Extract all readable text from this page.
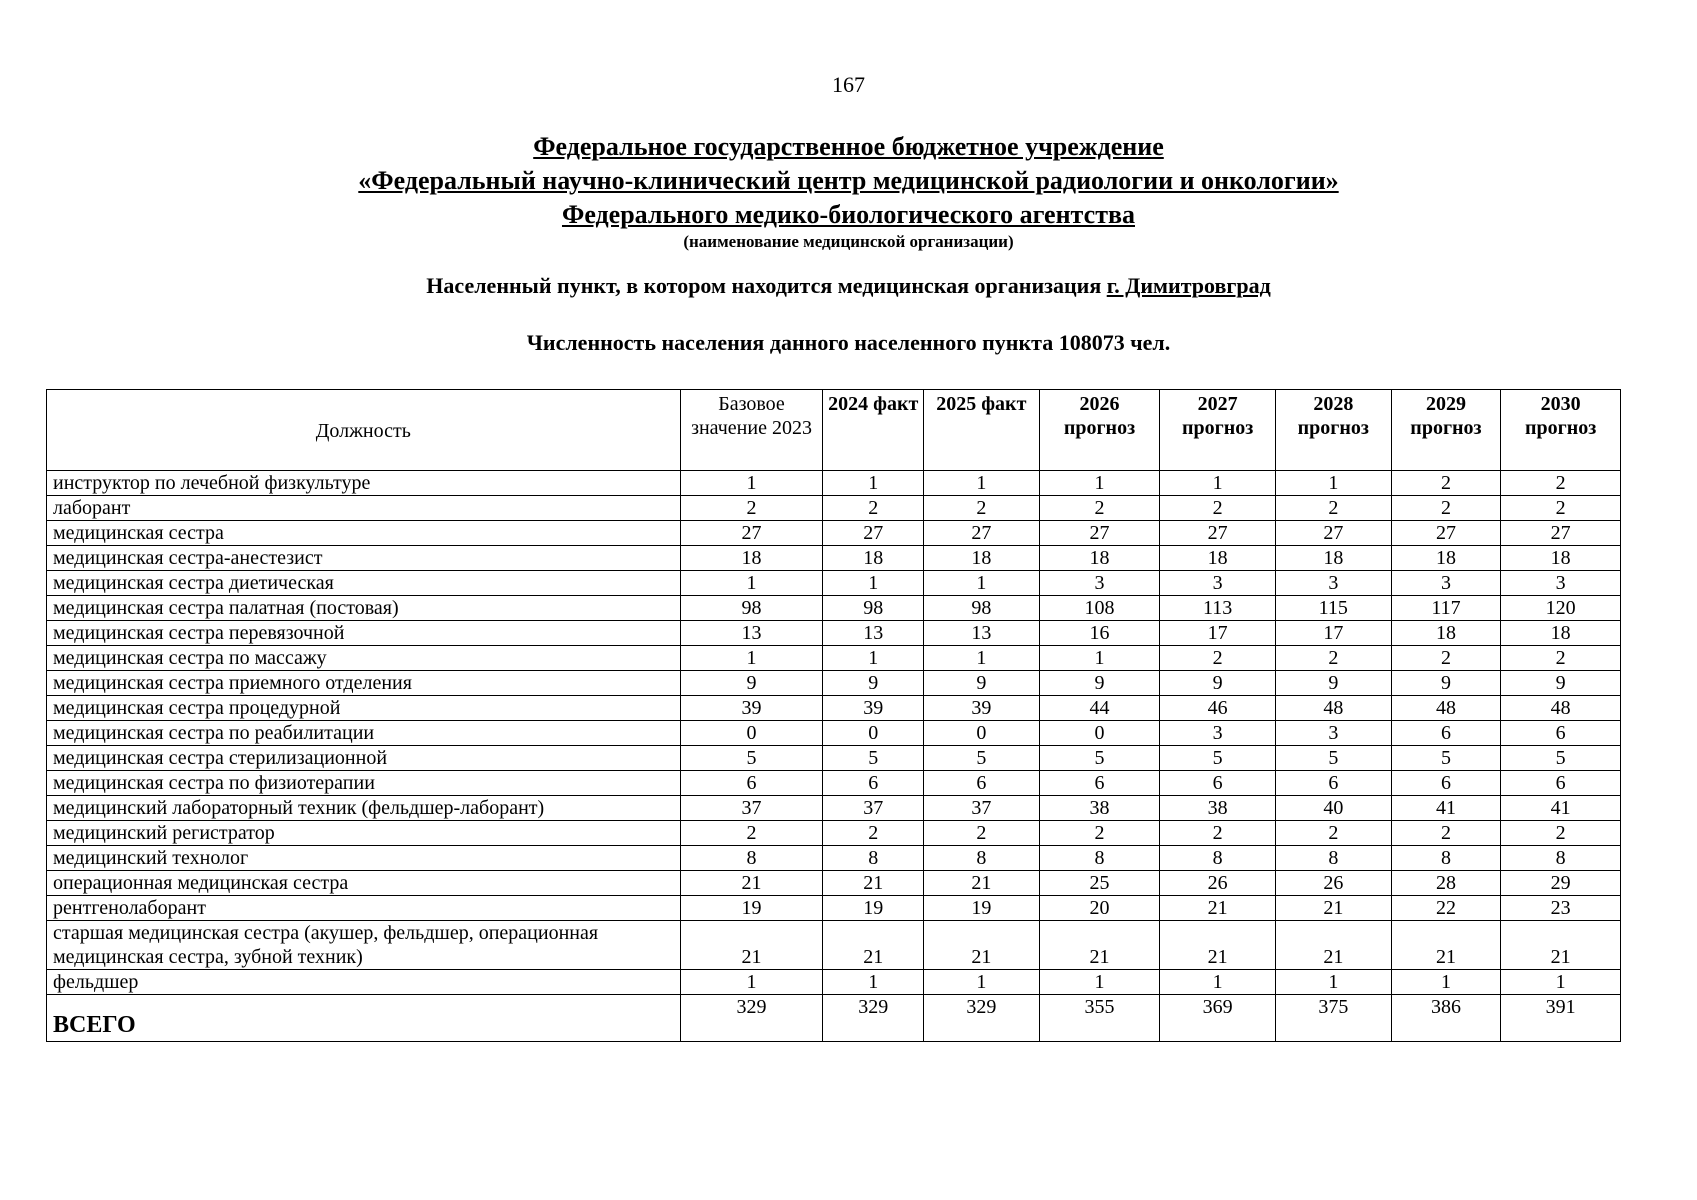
167

Федеральное государственное бюджетное учреждение

«Федеральный научно-клинический центр медицинской радиологии и онкологии»

Федерального медико-биологического агентства

(наименование медицинской организации)

Населенный пункт, в котором находится медицинская организация г. Димитровград
Численность населения данного населенного пункта 108073 чел.
Должность	Базовое значение 2023	2024 факт	2025 факт	2026 прогноз	2027 прогноз	2028 прогноз	2029 прогноз	2030 прогноз
инструктор по лечебной физкультуре	1	1	1	1	1	1	2	2
лаборант	2	2	2	2	2	2	2	2
медицинская сестра	27	27	27	27	27	27	27	27
медицинская сестра-анестезист	18	18	18	18	18	18	18	18
медицинская сестра диетическая	1	1	1	3	3	3	3	3
медицинская сестра палатная (постовая)	98	98	98	108	113	115	117	120
медицинская сестра перевязочной	13	13	13	16	17	17	18	18
медицинская сестра по массажу	1	1	1	1	2	2	2	2
медицинская сестра приемного отделения	9	9	9	9	9	9	9	9
медицинская сестра процедурной	39	39	39	44	46	48	48	48
медицинская сестра по реабилитации	0	0	0	0	3	3	6	6
медицинская сестра стерилизационной	5	5	5	5	5	5	5	5
медицинская сестра по физиотерапии	6	6	6	6	6	6	6	6
медицинский лабораторный техник (фельдшер-лаборант)	37	37	37	38	38	40	41	41
медицинский регистратор	2	2	2	2	2	2	2	2
медицинский технолог	8	8	8	8	8	8	8	8
операционная медицинская сестра	21	21	21	25	26	26	28	29
рентгенолаборант	19	19	19	20	21	21	22	23
старшая медицинская сестра (акушер, фельдшер, операционная медицинская сестра, зубной техник)	21	21	21	21	21	21	21	21
фельдшер	1	1	1	1	1	1	1	1
ВСЕГО	329	329	329	355	369	375	386	391
